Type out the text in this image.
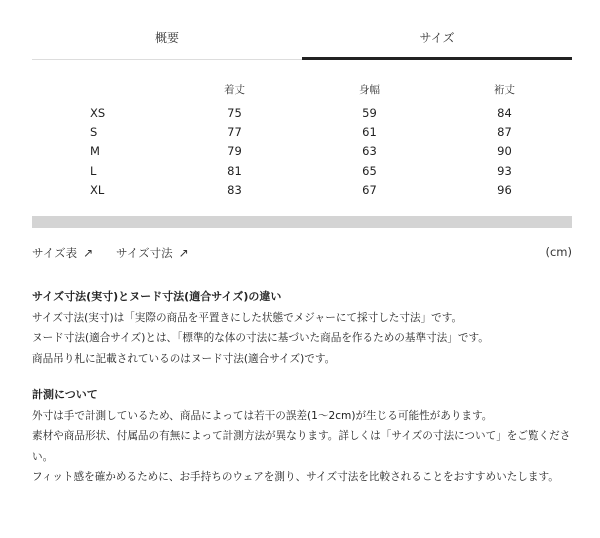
概要	サイズ
	着丈	身幅	裄丈
XS	75	59	84
S	77	61	87
M	79	63	90
L	81	65	93
XL	83	67	96
サイズ表 ↗ サイズ寸法 ↗	(cm)
サイズ寸法(実寸)とヌード寸法(適合サイズ)の違い

サイズ寸法(実寸)は「実際の商品を平置きにした状態でメジャーにて採寸した寸法」です。

ヌード寸法(適合サイズ)とは、「標準的な体の寸法に基づいた商品を作るための基準寸法」です。

商品吊り札に記載されているのはヌード寸法(適合サイズ)です。

計測について

外寸は手で計測しているため、商品によっては若干の誤差(1〜2cm)が生じる可能性があります。

素材や商品形状、付属品の有無によって計測方法が異なります。詳しくは「サイズの寸法について」をご覧ください。

フィット感を確かめるために、お手持ちのウェアを測り、サイズ寸法を比較されることをおすすめいたします。
